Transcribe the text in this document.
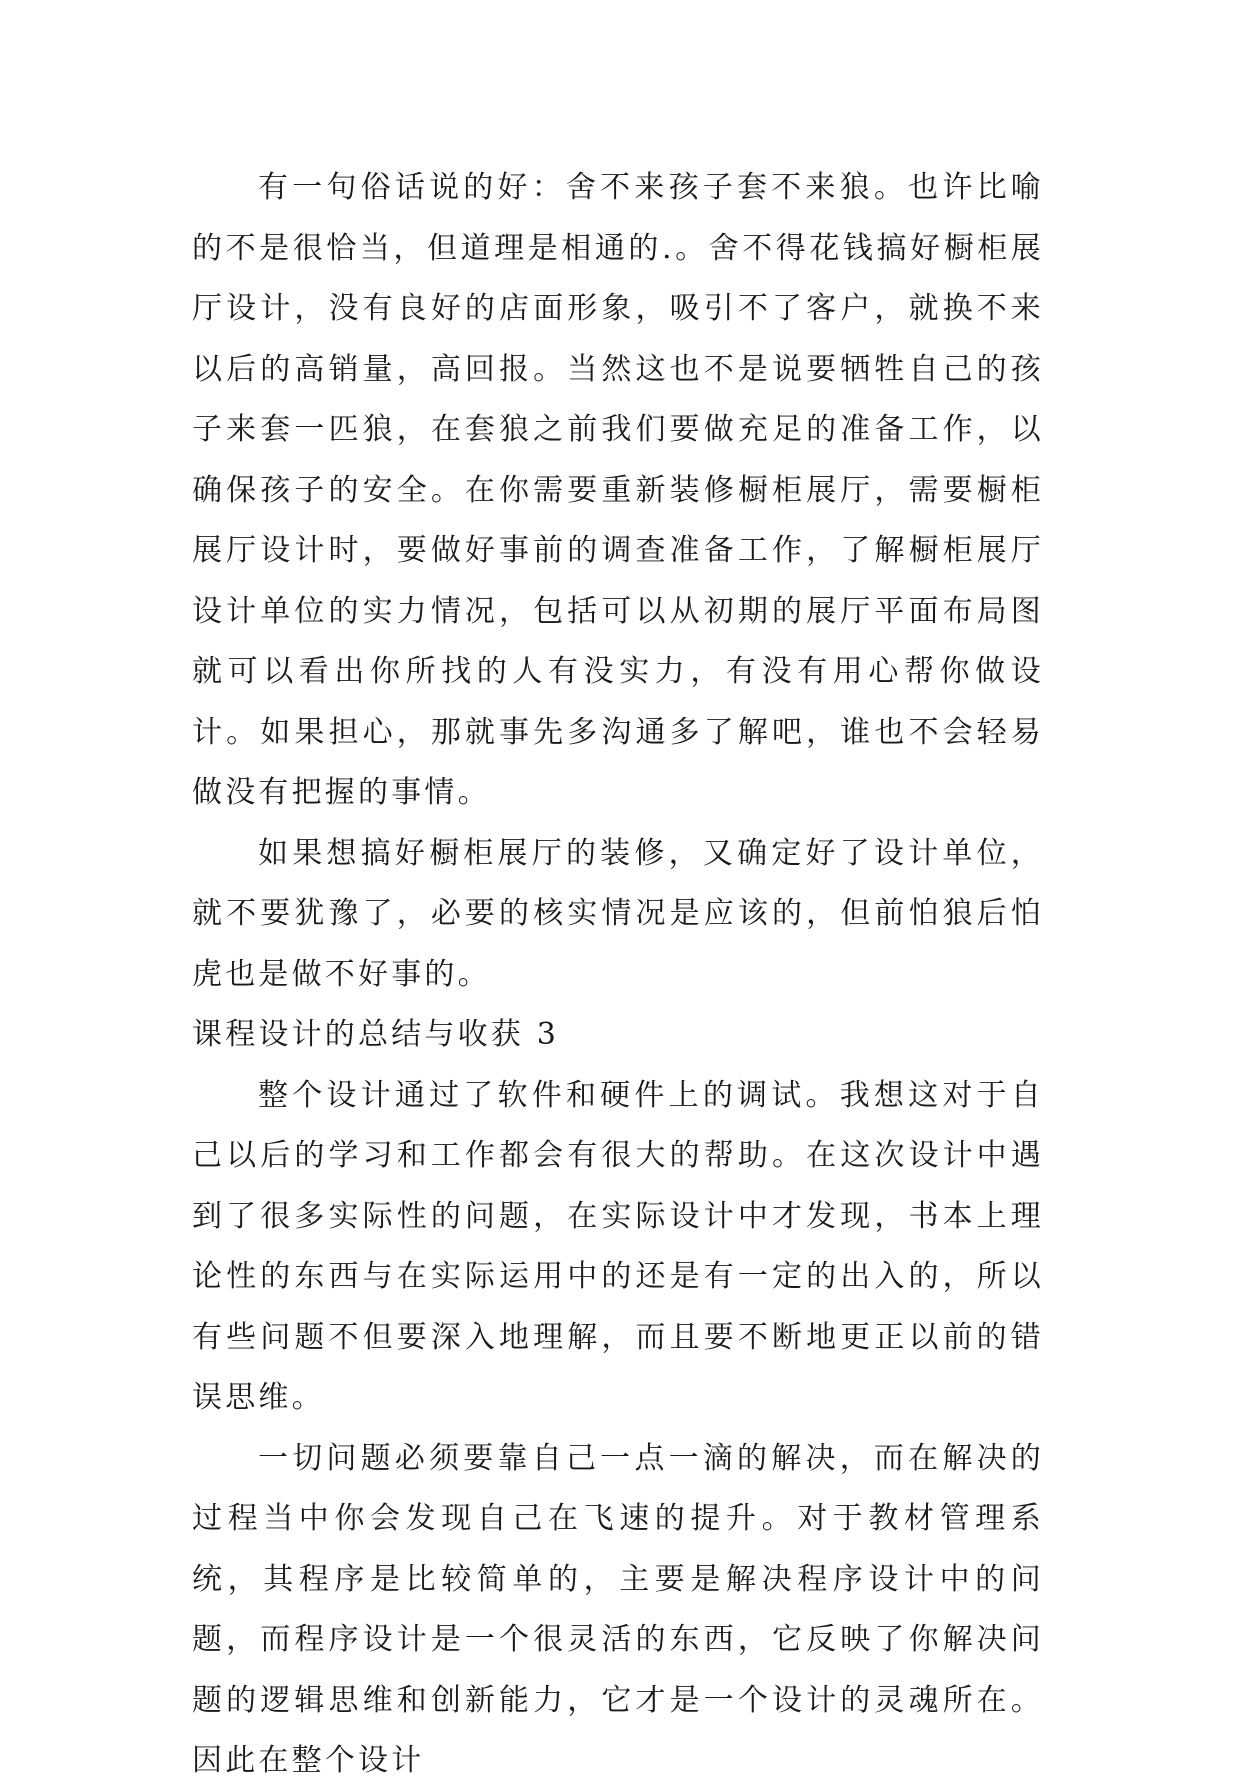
有一句俗话说的好：舍不来孩子套不来狼。也许比喻的不是很恰当，但道理是相通的.。舍不得花钱搞好橱柜展厅设计，没有良好的店面形象，吸引不了客户，就换不来以后的高销量，高回报。当然这也不是说要牺牲自己的孩子来套一匹狼，在套狼之前我们要做充足的准备工作，以确保孩子的安全。在你需要重新装修橱柜展厅，需要橱柜展厅设计时，要做好事前的调查准备工作，了解橱柜展厅设计单位的实力情况，包括可以从初期的展厅平面布局图就可以看出你所找的人有没实力，有没有用心帮你做设计。如果担心，那就事先多沟通多了解吧，谁也不会轻易做没有把握的事情。

如果想搞好橱柜展厅的装修，又确定好了设计单位，就不要犹豫了，必要的核实情况是应该的，但前怕狼后怕虎也是做不好事的。

课程设计的总结与收获 3

整个设计通过了软件和硬件上的调试。我想这对于自己以后的学习和工作都会有很大的帮助。在这次设计中遇到了很多实际性的问题，在实际设计中才发现，书本上理论性的东西与在实际运用中的还是有一定的出入的，所以有些问题不但要深入地理解，而且要不断地更正以前的错误思维。

一切问题必须要靠自己一点一滴的解决，而在解决的过程当中你会发现自己在飞速的提升。对于教材管理系统，其程序是比较简单的，主要是解决程序设计中的问题，而程序设计是一个很灵活的东西，它反映了你解决问题的逻辑思维和创新能力，它才是一个设计的灵魂所在。因此在整个设计
